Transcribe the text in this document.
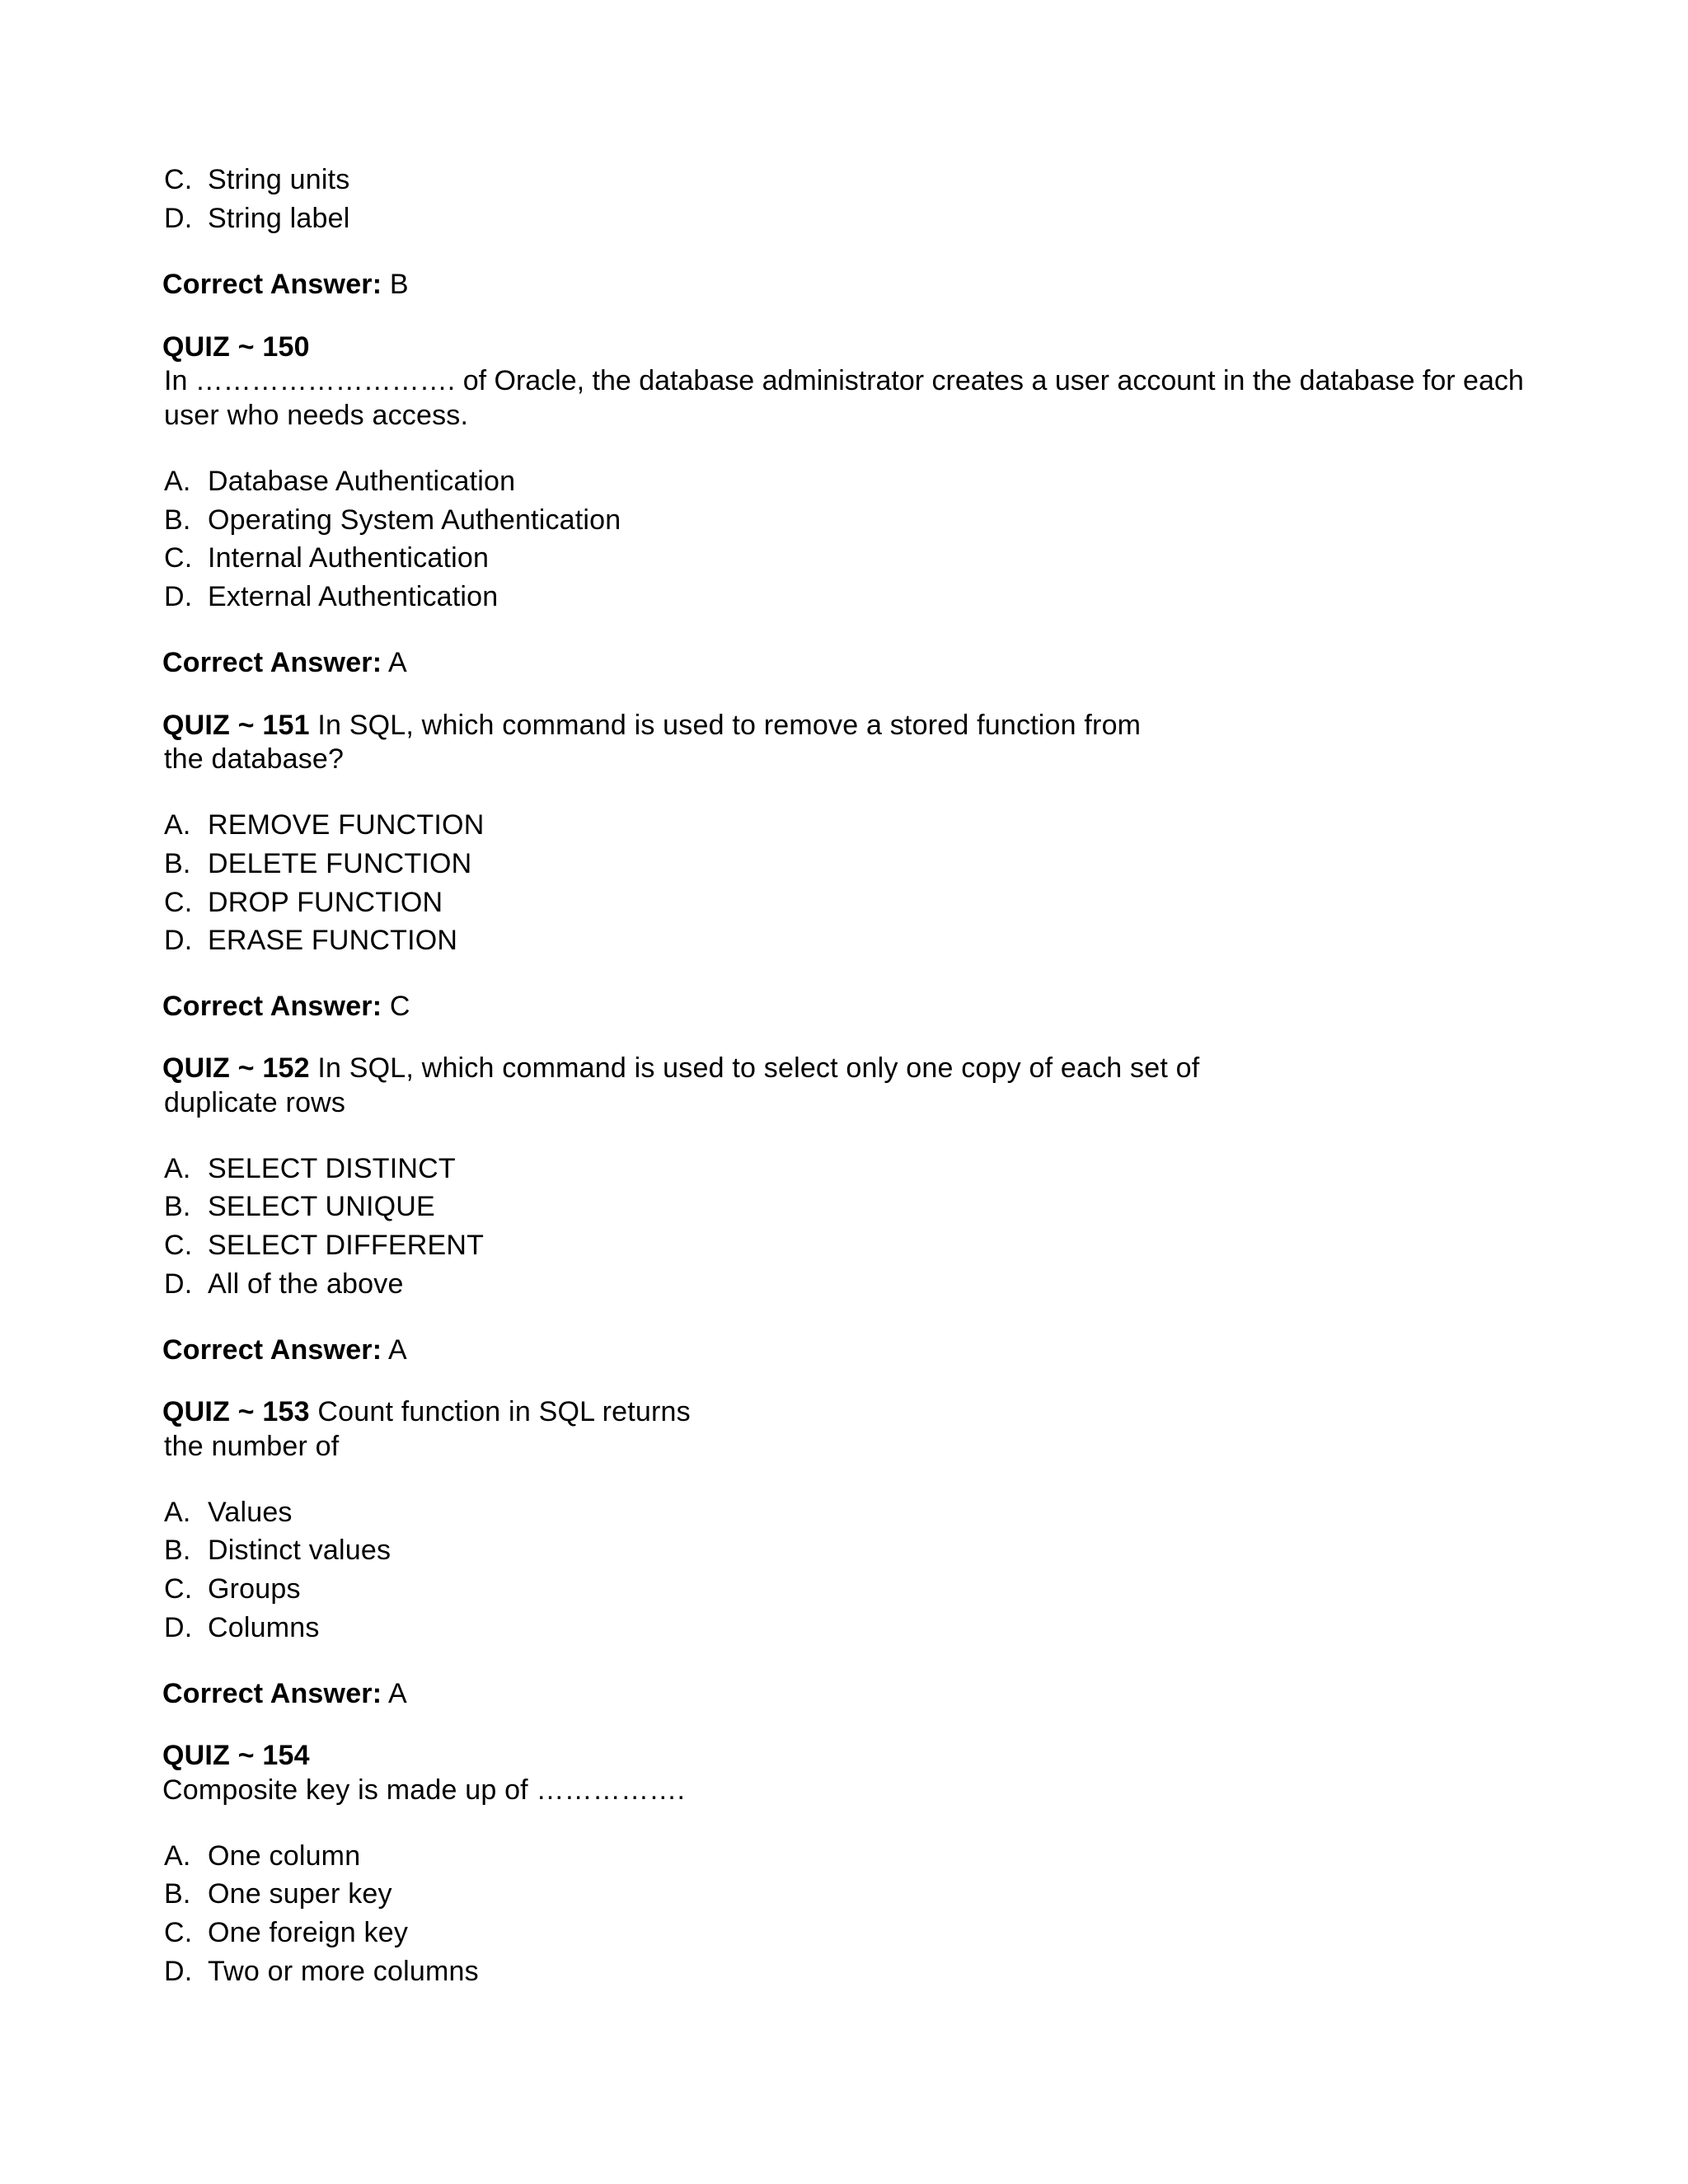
C. String units
D. String label
Correct Answer: B
QUIZ ~ 150
In ………………………. of Oracle, the database administrator creates a user account in the database for each
user who needs access.
A. Database Authentication
B. Operating System Authentication
C. Internal Authentication
D. External Authentication
Correct Answer: A
QUIZ ~ 151 In SQL, which command is used to remove a stored function from
the database?
A. REMOVE FUNCTION
B. DELETE FUNCTION
C. DROP FUNCTION
D. ERASE FUNCTION
Correct Answer: C
QUIZ ~ 152 In SQL, which command is used to select only one copy of each set of
duplicate rows
A. SELECT DISTINCT
B. SELECT UNIQUE
C. SELECT DIFFERENT
D. All of the above
Correct Answer: A
QUIZ ~ 153 Count function in SQL returns
the number of
A. Values
B. Distinct values
C. Groups
D. Columns
Correct Answer: A
QUIZ ~ 154
Composite key is made up of …………….
A. One column
B. One super key
C. One foreign key
D. Two or more columns
